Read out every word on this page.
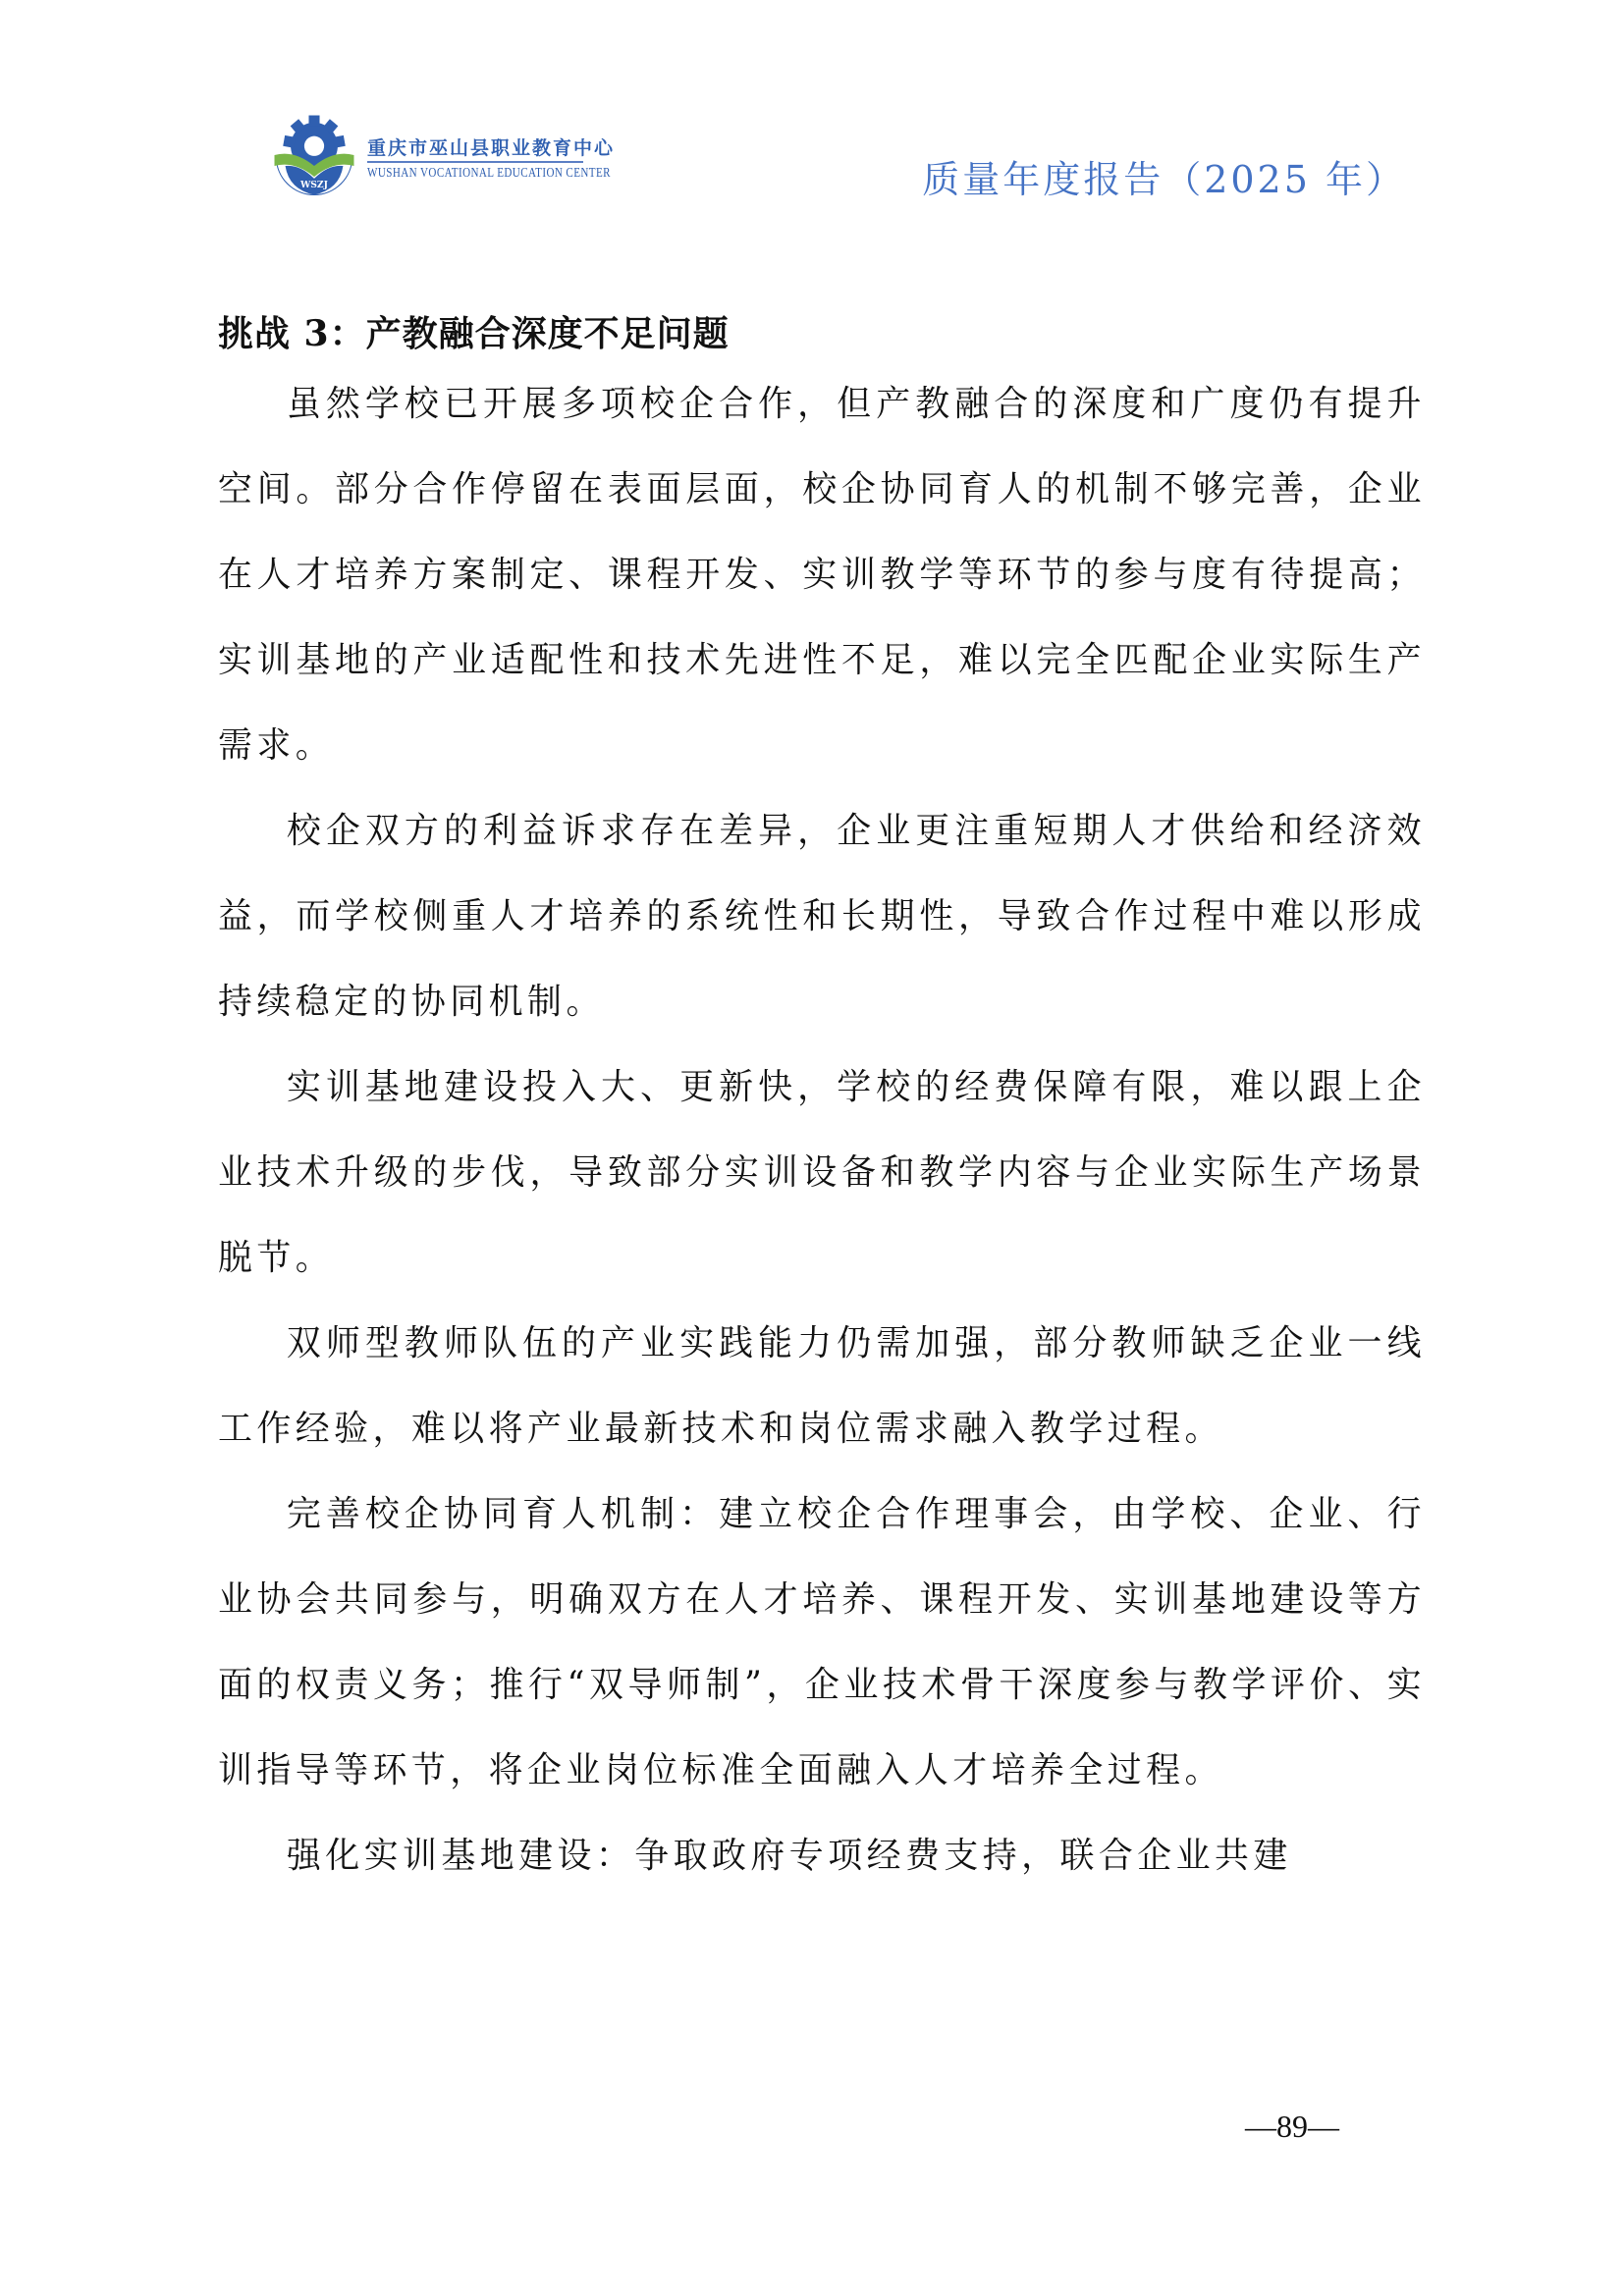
WSZJ
重庆市巫山县职业教育中心
WUSHAN VOCATIONAL EDUCATION CENTER	质量年度报告（2025 年）
挑战 3：产教融合深度不足问题

虽然学校已开展多项校企合作，但产教融合的深度和广度仍有提升空间。部分合作停留在表面层面，校企协同育人的机制不够完善，企业在人才培养方案制定、课程开发、实训教学等环节的参与度有待提高；实训基地的产业适配性和技术先进性不足，难以完全匹配企业实际生产需求。

校企双方的利益诉求存在差异，企业更注重短期人才供给和经济效益，而学校侧重人才培养的系统性和长期性，导致合作过程中难以形成持续稳定的协同机制。

实训基地建设投入大、更新快，学校的经费保障有限，难以跟上企业技术升级的步伐，导致部分实训设备和教学内容与企业实际生产场景脱节。

双师型教师队伍的产业实践能力仍需加强，部分教师缺乏企业一线工作经验，难以将产业最新技术和岗位需求融入教学过程。

完善校企协同育人机制：建立校企合作理事会，由学校、企业、行业协会共同参与，明确双方在人才培养、课程开发、实训基地建设等方面的权责义务；推行“双导师制”，企业技术骨干深度参与教学评价、实训指导等环节，将企业岗位标准全面融入人才培养全过程。

强化实训基地建设：争取政府专项经费支持，联合企业共建

—89—
